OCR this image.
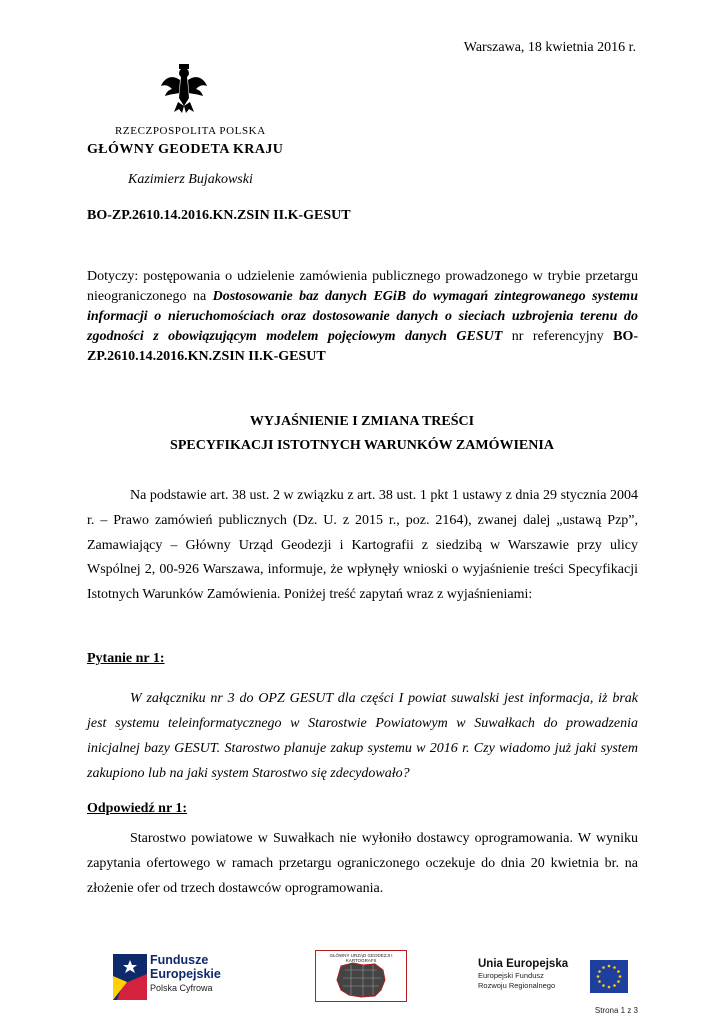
Warszawa, 18 kwietnia 2016 r.
RZECZPOSPOLITA POLSKA
GŁÓWNY GEODETA KRAJU
Kazimierz Bujakowski
BO-ZP.2610.14.2016.KN.ZSIN II.K-GESUT
Dotyczy: postępowania o udzielenie zamówienia publicznego prowadzonego w trybie przetargu nieograniczonego na Dostosowanie baz danych EGiB do wymagań zintegrowanego systemu informacji o nieruchomościach oraz dostosowanie danych o sieciach uzbrojenia terenu do zgodności z obowiązującym modelem pojęciowym danych GESUT nr referencyjny BO-ZP.2610.14.2016.KN.ZSIN II.K-GESUT
WYJAŚNIENIE I ZMIANA TREŚCI
SPECYFIKACJI ISTOTNYCH WARUNKÓW ZAMÓWIENIA
Na podstawie art. 38 ust. 2 w związku z art. 38 ust. 1 pkt 1 ustawy z dnia 29 stycznia 2004 r. – Prawo zamówień publicznych (Dz. U. z 2015 r., poz. 2164), zwanej dalej „ustawą Pzp”, Zamawiający – Główny Urząd Geodezji i Kartografii z siedzibą w Warszawie przy ulicy Wspólnej 2, 00-926 Warszawa, informuje, że wpłynęły wnioski o wyjaśnienie treści Specyfikacji Istotnych Warunków Zamówienia. Poniżej treść zapytań wraz z wyjaśnieniami:
Pytanie nr 1:
W załączniku nr 3 do OPZ GESUT dla części I powiat suwalski jest informacja, iż brak jest systemu teleinformatycznego w Starostwie Powiatowym w Suwałkach do prowadzenia inicjalnej bazy GESUT. Starostwo planuje zakup systemu w 2016 r. Czy wiadomo już jaki system zakupiono lub na jaki system Starostwo się zdecydowało?
Odpowiedź nr 1:
Starostwo powiatowe w Suwałkach nie wyłoniło dostawcy oprogramowania. W wyniku zapytania ofertowego w ramach przetargu ograniczonego oczekuje do dnia 20 kwietnia br. na złożenie ofer od trzech dostawców oprogramowania.
Fundusze
Europejskie
Polska Cyfrowa
GŁÓWNY URZĄD GEODEZJI I KARTOGRAFII	Unia Europejska
Europejski Fundusz
Rozwoju Regionalnego
Strona 1 z 3
